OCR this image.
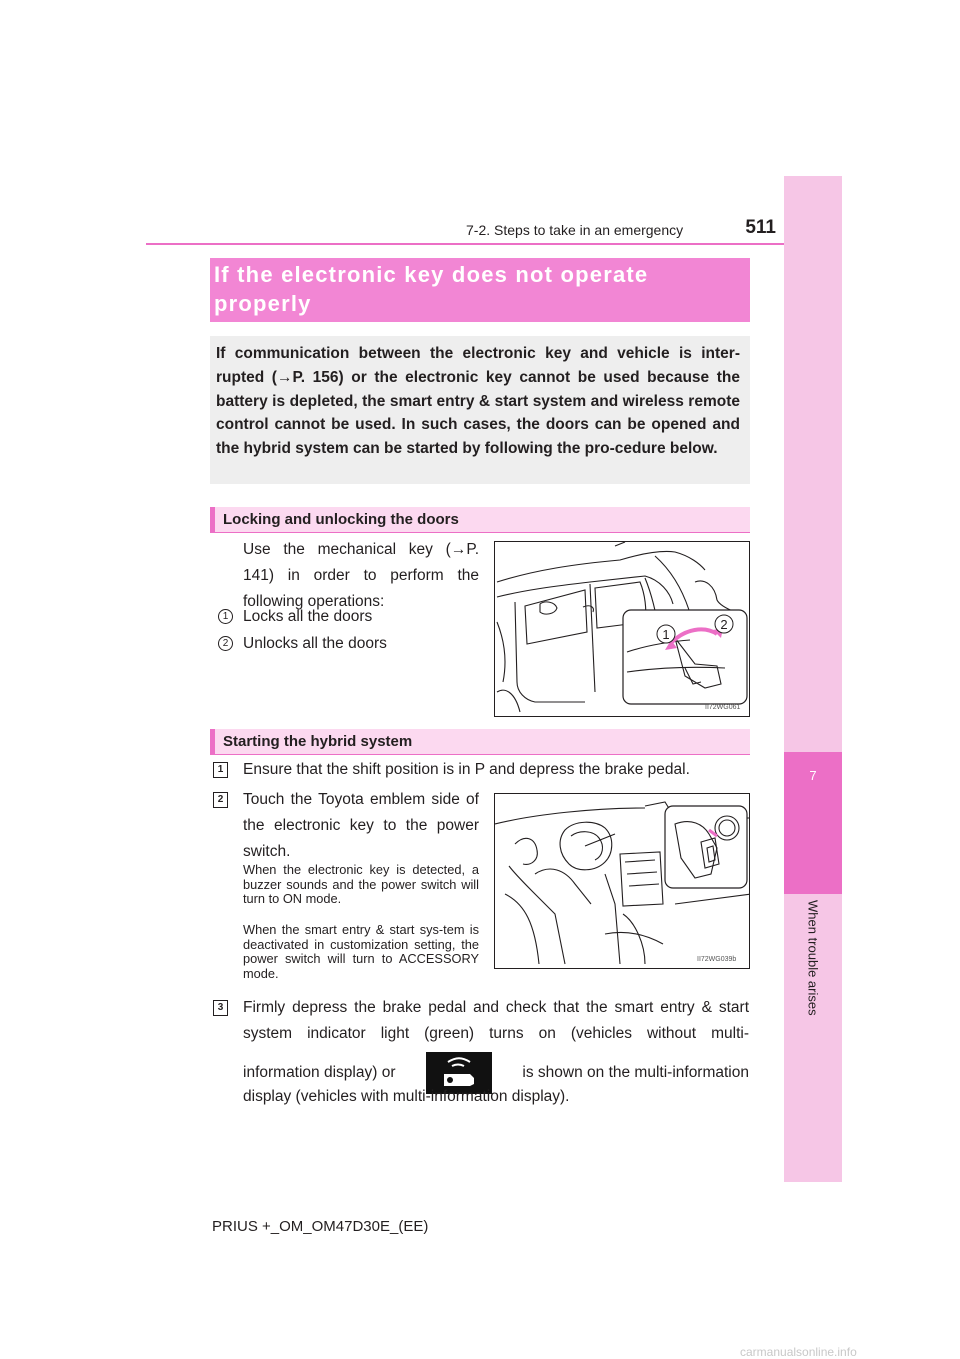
7
When trouble arises
7-2. Steps to take in an emergency	511
If the electronic key does not operate properly
If communication between the electronic key and vehicle is inter-rupted (→P. 156) or the electronic key cannot be used because the battery is depleted, the smart entry & start system and wireless remote control cannot be used. In such cases, the doors can be opened and the hybrid system can be started by following the pro-cedure below.
Locking and unlocking the doors
Use the mechanical key (→P. 141) in order to perform the following operations:
1 Locks all the doors
2 Unlocks all the doors
1
2
II72WG061
Starting the hybrid system
1	Ensure that the shift position is in P and depress the brake pedal.
2	Touch the Toyota emblem side of the electronic key to the power switch.
When the electronic key is detected, a buzzer sounds and the power switch will turn to ON mode.
When the smart entry & start sys-tem is deactivated in customization setting, the power switch will turn to ACCESSORY mode.
II72WG039b
3	Firmly depress the brake pedal and check that the smart entry & start system indicator light (green) turns on (vehicles without multi-
information display) or	is shown on the multi-information
display (vehicles with multi-information display).
PRIUS +_OM_OM47D30E_(EE)
carmanualsonline.info
